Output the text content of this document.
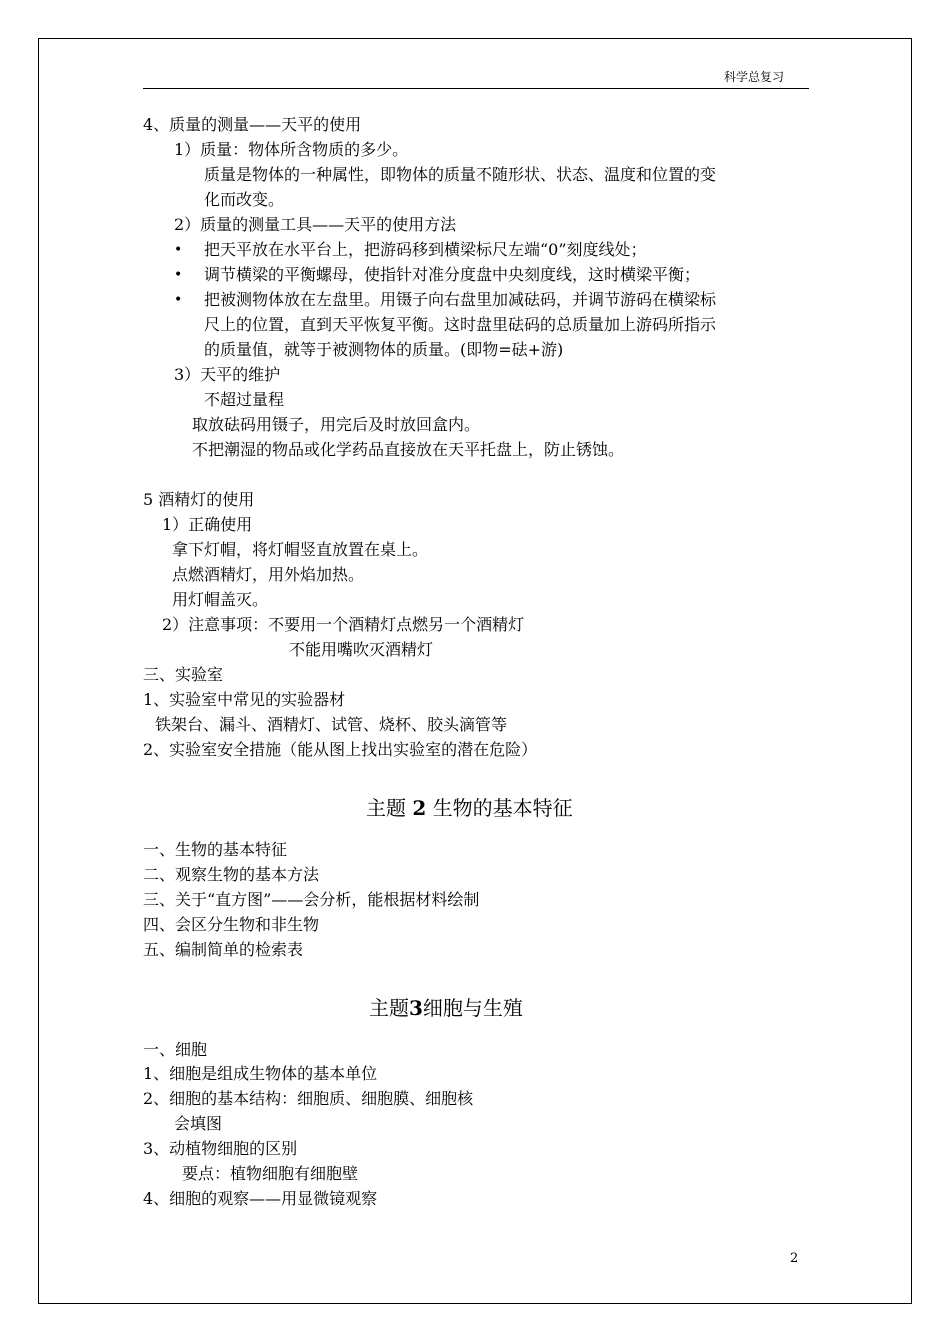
科学总复习
4、质量的测量——天平的使用
1）质量：物体所含物质的多少。
质量是物体的一种属性，即物体的质量不随形状、状态、温度和位置的变
化而改变。
2）质量的测量工具——天平的使用方法
• 把天平放在水平台上，把游码移到横梁标尺左端“0”刻度线处；
• 调节横梁的平衡螺母，使指针对准分度盘中央刻度线，这时横梁平衡；
• 把被测物体放在左盘里。用镊子向右盘里加减砝码，并调节游码在横梁标
尺上的位置，直到天平恢复平衡。这时盘里砝码的总质量加上游码所指示
的质量值，就等于被测物体的质量。(即物=砝+游)
3）天平的维护
不超过量程
取放砝码用镊子，用完后及时放回盒内。
不把潮湿的物品或化学药品直接放在天平托盘上，防止锈蚀。
5 酒精灯的使用
1）正确使用
拿下灯帽，将灯帽竖直放置在桌上。
点燃酒精灯，用外焰加热。
用灯帽盖灭。
2）注意事项：不要用一个酒精灯点燃另一个酒精灯
不能用嘴吹灭酒精灯
三、实验室
1、实验室中常见的实验器材
铁架台、漏斗、酒精灯、试管、烧杯、胶头滴管等
2、实验室安全措施（能从图上找出实验室的潜在危险）
主题 2 生物的基本特征
一、生物的基本特征
二、观察生物的基本方法
三、关于“直方图”——会分析，能根据材料绘制
四、会区分生物和非生物
五、编制简单的检索表
主题3细胞与生殖
一、细胞
1、细胞是组成生物体的基本单位
2、细胞的基本结构：细胞质、细胞膜、细胞核
会填图
3、动植物细胞的区别
要点：植物细胞有细胞壁
4、细胞的观察——用显微镜观察
2
